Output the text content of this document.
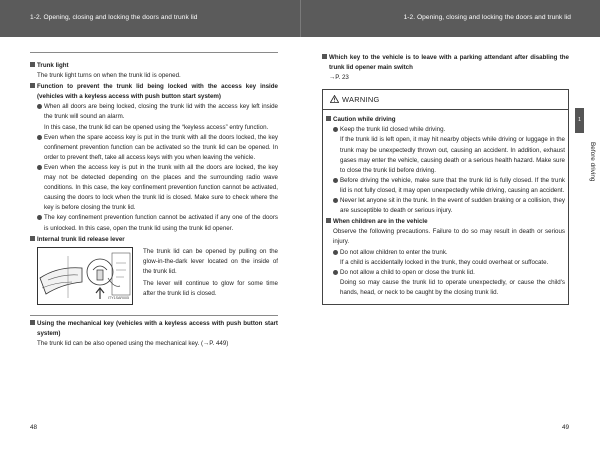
1-2. Opening, closing and locking the doors and trunk lid	1-2. Opening, closing and locking the doors and trunk lid
Trunk light
The trunk light turns on when the trunk lid is opened.
Function to prevent the trunk lid being locked with the access key inside (vehicles with a keyless access with push button start system)

When all doors are being locked, closing the trunk lid with the access key left inside the trunk will sound an alarm.

In this case, the trunk lid can be opened using the “keyless access” entry function.

Even when the spare access key is put in the trunk with all the doors locked, the key confinement prevention function can be activated so the trunk lid can be opened. In order to prevent theft, take all access keys with you when leaving the vehicle.

Even when the access key is put in the trunk with all the doors are locked, the key may not be detected depending on the places and the surrounding radio wave conditions. In this case, the key confinement prevention function cannot be activated, causing the doors to lock when the trunk lid is closed. Make sure to check where the key is before closing the trunk lid.

The key confinement prevention function cannot be activated if any one of the doors is unlocked. In this case, open the trunk lid using the trunk lid opener.

Internal trunk lid release lever
ITY1SAR005

The trunk lid can be opened by pulling on the glow-in-the-dark lever located on the inside of the trunk lid.

The lever will continue to glow for some time after the trunk lid is closed.

Using the mechanical key (vehicles with a keyless access with push button start system)
The trunk lid can be also opened using the mechanical key. (→P. 449)
Which key to the vehicle is to leave with a parking attendant after disabling the trunk lid opener main switch
→P. 23
WARNING
Caution while driving

Keep the trunk lid closed while driving.

If the trunk lid is left open, it may hit nearby objects while driving or luggage in the trunk may be unexpectedly thrown out, causing an accident. In addition, exhaust gases may enter the vehicle, causing death or a serious health hazard. Make sure to close the trunk lid before driving.

Before driving the vehicle, make sure that the trunk lid is fully closed. If the trunk lid is not fully closed, it may open unexpectedly while driving, causing an accident.

Never let anyone sit in the trunk. In the event of sudden braking or a collision, they are susceptible to death or serious injury.

When children are in the vehicle
Observe the following precautions. Failure to do so may result in death or serious injury.

Do not allow children to enter the trunk.

If a child is accidentally locked in the trunk, they could overheat or suffocate.

Do not allow a child to open or close the trunk lid.

Doing so may cause the trunk lid to operate unexpectedly, or cause the child's hands, head, or neck to be caught by the closing trunk lid.

1
Before driving
48	49
